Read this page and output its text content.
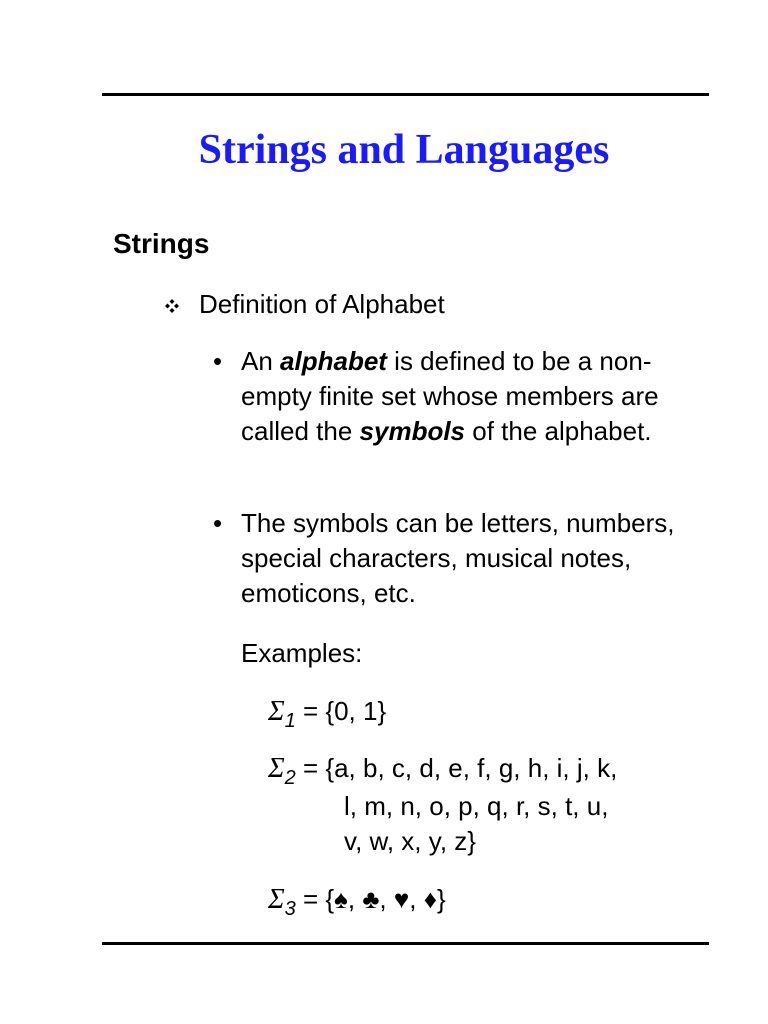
Strings and Languages
Strings
Definition of Alphabet
• An alphabet is defined to be a non-empty finite set whose members are called the symbols of the alphabet.
• The symbols can be letters, numbers, special characters, musical notes, emoticons, etc.
Examples:
$\Sigma_1 = \{0$, 1}
$\Sigma_2 = \{a$, b, c, d, e, f, g, h, i, j, k,
l, m, n, o, p, q, r, s, t, u,
v, w, x, y, z}
$\Sigma_3$ = {♠, ♣, ♥, ♦}
